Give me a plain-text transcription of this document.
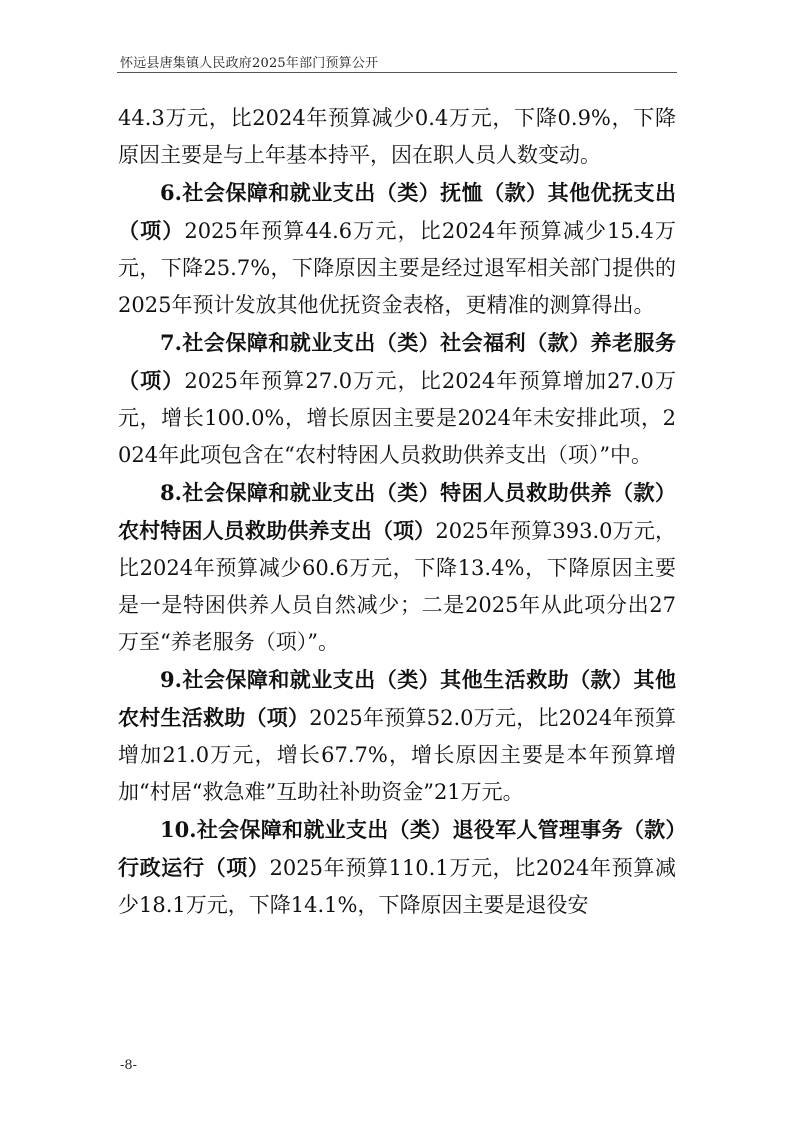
怀远县唐集镇人民政府2025年部门预算公开

44.3万元，比2024年预算减少0.4万元，下降0.9%，下降原因主要是与上年基本持平，因在职人员人数变动。

6.社会保障和就业支出（类）抚恤（款）其他优抚支出（项）2025年预算44.6万元，比2024年预算减少15.4万元，下降25.7%，下降原因主要是经过退军相关部门提供的2025年预计发放其他优抚资金表格，更精准的测算得出。

7.社会保障和就业支出（类）社会福利（款）养老服务（项）2025年预算27.0万元，比2024年预算增加27.0万元，增长100.0%，增长原因主要是2024年未安排此项，2024年此项包含在“农村特困人员救助供养支出（项）”中。

8.社会保障和就业支出（类）特困人员救助供养（款）农村特困人员救助供养支出（项）2025年预算393.0万元，比2024年预算减少60.6万元，下降13.4%，下降原因主要是一是特困供养人员自然减少；二是2025年从此项分出27万至“养老服务（项）”。

9.社会保障和就业支出（类）其他生活救助（款）其他农村生活救助（项）2025年预算52.0万元，比2024年预算增加21.0万元，增长67.7%，增长原因主要是本年预算增加“村居“救急难”互助社补助资金”21万元。

10.社会保障和就业支出（类）退役军人管理事务（款）行政运行（项）2025年预算110.1万元，比2024年预算减少18.1万元，下降14.1%，下降原因主要是退役安

-8-
